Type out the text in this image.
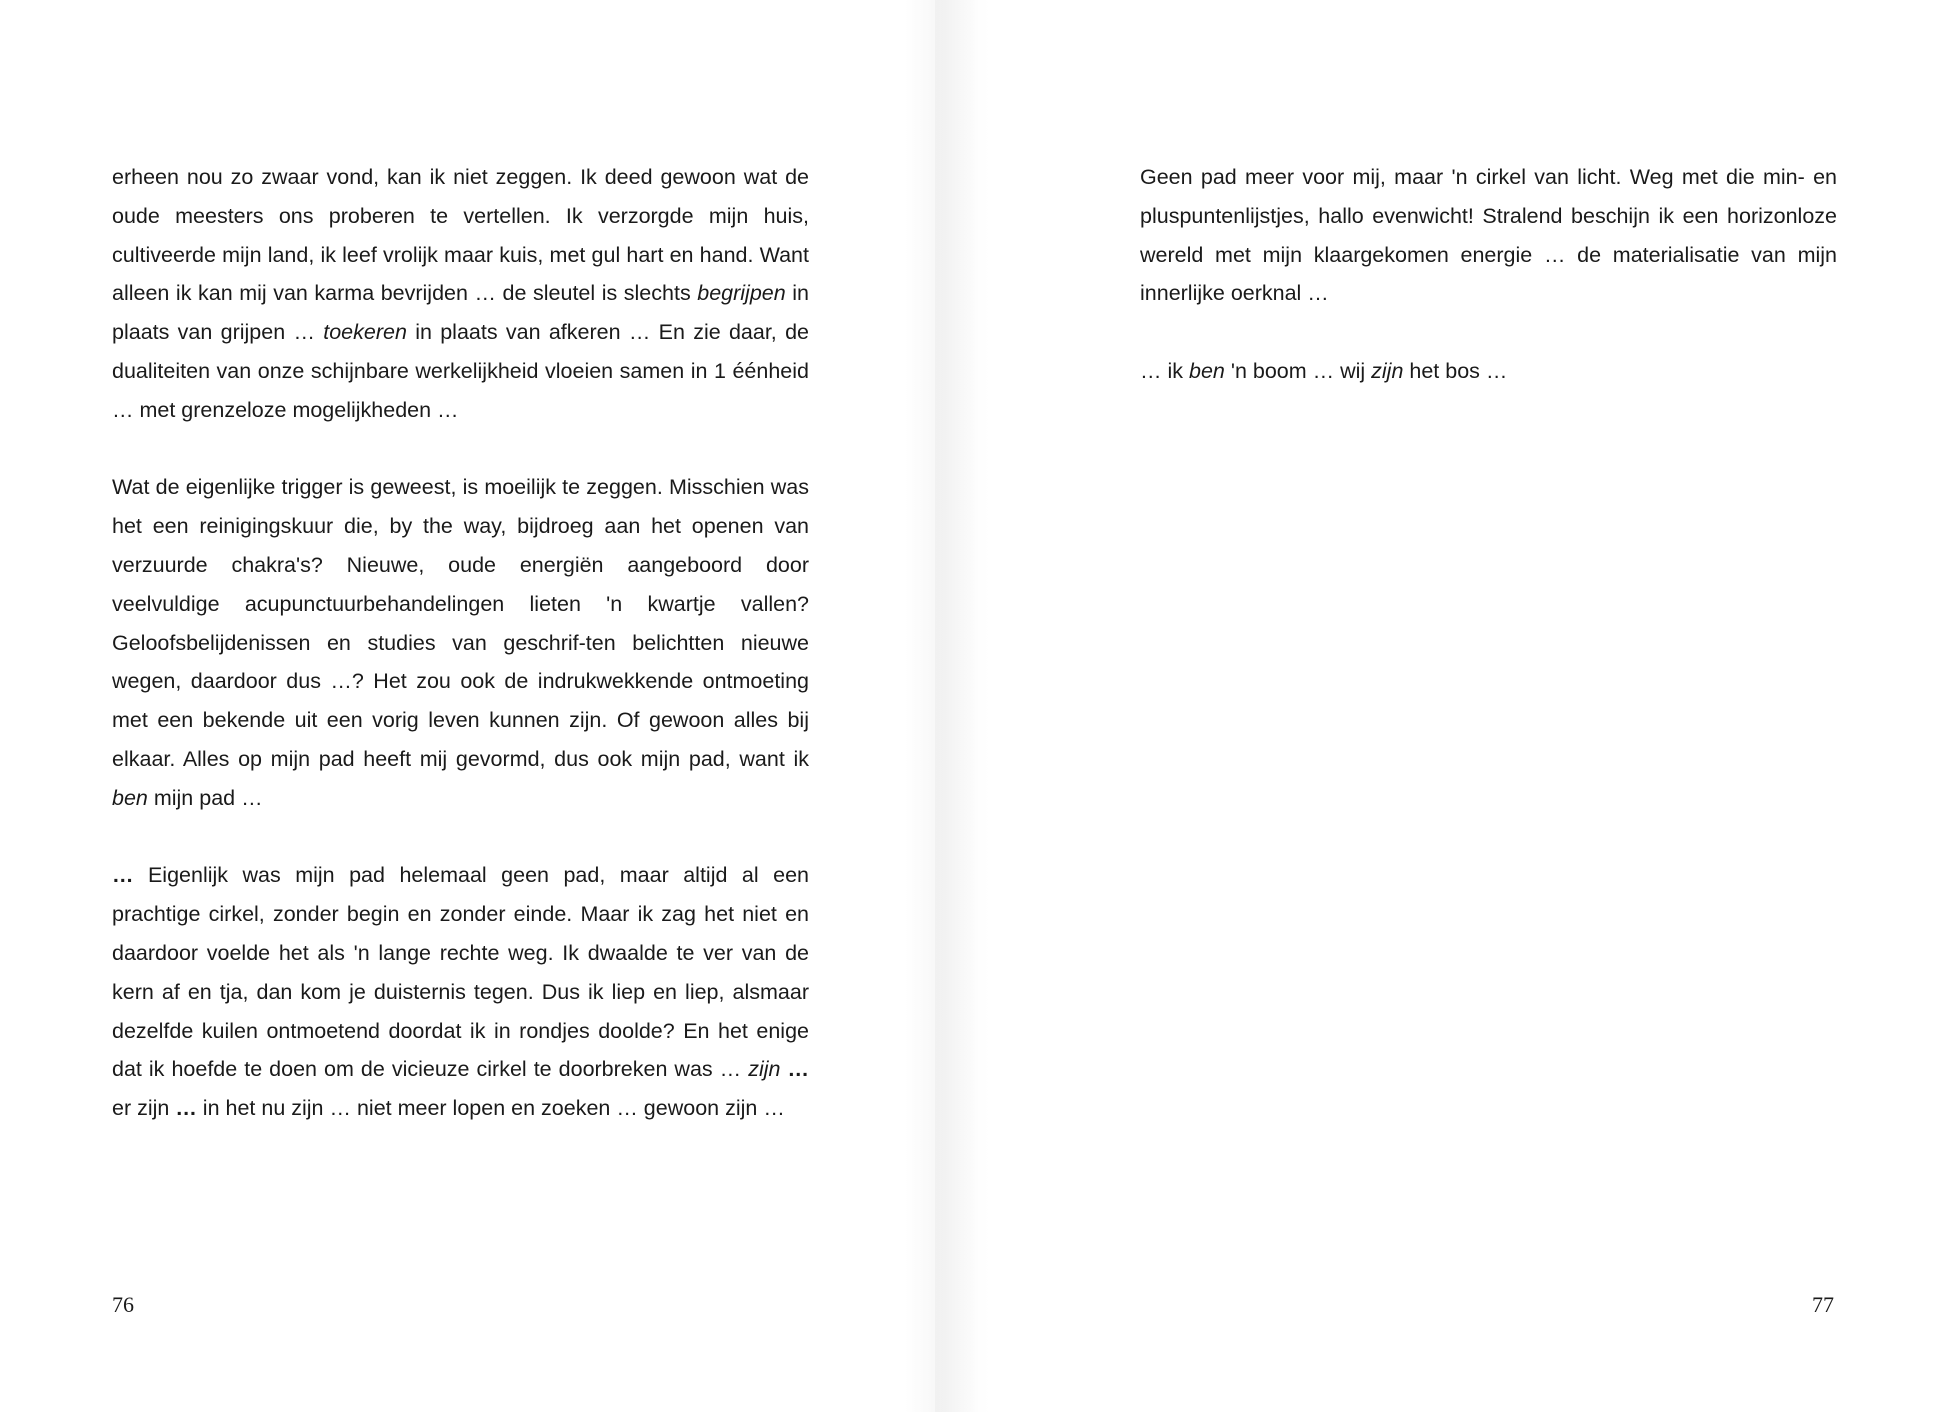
erheen nou zo zwaar vond, kan ik niet zeggen. Ik deed gewoon wat de oude meesters ons proberen te vertellen. Ik verzorgde mijn huis, cultiveerde mijn land, ik leef vrolijk maar kuis, met gul hart en hand. Want alleen ik kan mij van karma bevrijden … de sleutel is slechts begrijpen in plaats van grijpen … toekeren in plaats van afkeren … En zie daar, de dualiteiten van onze schijnbare werkelijkheid vloeien samen in 1 éénheid … met grenzeloze mogelijkheden …

Wat de eigenlijke trigger is geweest, is moeilijk te zeggen. Misschien was het een reinigingskuur die, by the way, bijdroeg aan het openen van verzuurde chakra's? Nieuwe, oude energiën aangeboord door veelvuldige acupunctuurbehandelingen lieten 'n kwartje vallen? Geloofsbelijdenissen en studies van geschrif-ten belichtten nieuwe wegen, daardoor dus …? Het zou ook de indrukwekkende ontmoeting met een bekende uit een vorig leven kunnen zijn. Of gewoon alles bij elkaar. Alles op mijn pad heeft mij gevormd, dus ook mijn pad, want ik ben mijn pad …

… Eigenlijk was mijn pad helemaal geen pad, maar altijd al een prachtige cirkel, zonder begin en zonder einde. Maar ik zag het niet en daardoor voelde het als 'n lange rechte weg. Ik dwaalde te ver van de kern af en tja, dan kom je duisternis tegen. Dus ik liep en liep, alsmaar dezelfde kuilen ontmoetend doordat ik in rondjes doolde? En het enige dat ik hoefde te doen om de vicieuze cirkel te doorbreken was … zijn … er zijn … in het nu zijn … niet meer lopen en zoeken … gewoon zijn …

76

Geen pad meer voor mij, maar 'n cirkel van licht. Weg met die min- en pluspuntenlijstjes, hallo evenwicht! Stralend beschijn ik een horizonloze wereld met mijn klaargekomen energie … de materialisatie van mijn innerlijke oerknal …

… ik ben 'n boom … wij zijn het bos …

77
